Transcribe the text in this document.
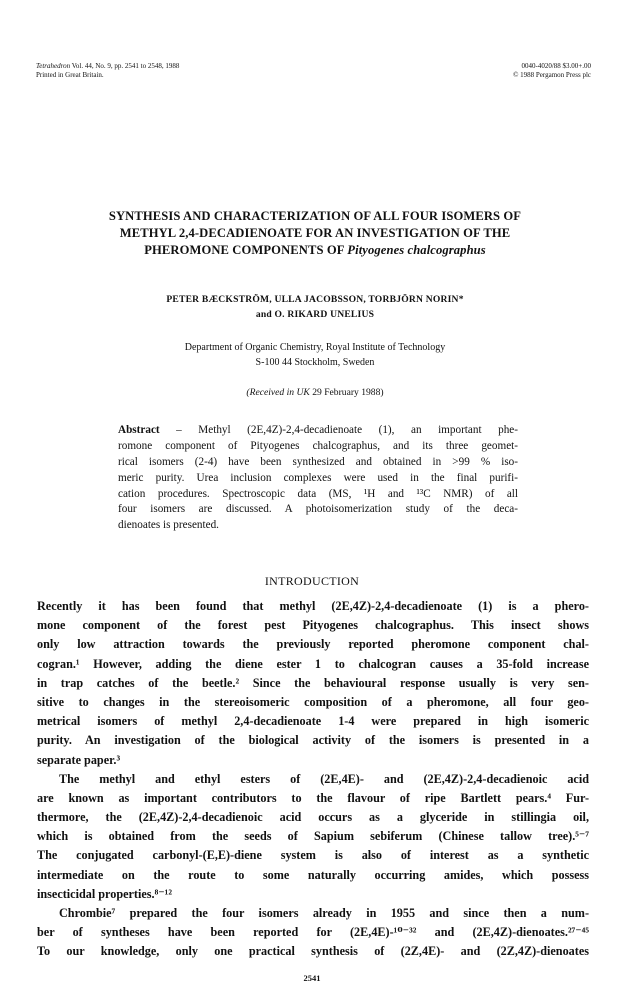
Tetrahedron Vol. 44, No. 9, pp. 2541 to 2548, 1988
Printed in Great Britain.
0040-4020/88 $3.00+.00
© 1988 Pergamon Press plc
SYNTHESIS AND CHARACTERIZATION OF ALL FOUR ISOMERS OF
METHYL 2,4-DECADIENOATE FOR AN INVESTIGATION OF THE
PHEROMONE COMPONENTS OF Pityogenes chalcographus
PETER BÆCKSTRÖM, ULLA JACOBSSON, TORBJÖRN NORIN*
and O. RIKARD UNELIUS
Department of Organic Chemistry, Royal Institute of Technology
S-100 44 Stockholm, Sweden
(Received in UK 29 February 1988)
Abstract – Methyl (2E,4Z)-2,4-decadienoate (1), an important phe-
romone component of Pityogenes chalcographus, and its three geomet-
rical isomers (2-4) have been synthesized and obtained in >99 % iso-
meric purity. Urea inclusion complexes were used in the final purifi-
cation procedures. Spectroscopic data (MS, ¹H and ¹³C NMR) of all
four isomers are discussed. A photoisomerization study of the deca-
dienoates is presented.
INTRODUCTION
Recently it has been found that methyl (2E,4Z)-2,4-decadienoate (1) is a phero-
mone component of the forest pest Pityogenes chalcographus. This insect shows
only low attraction towards the previously reported pheromone component chal-
cogran.¹ However, adding the diene ester 1 to chalcogran causes a 35-fold increase
in trap catches of the beetle.² Since the behavioural response usually is very sen-
sitive to changes in the stereoisomeric composition of a pheromone, all four geo-
metrical isomers of methyl 2,4-decadienoate 1-4 were prepared in high isomeric
purity. An investigation of the biological activity of the isomers is presented in a
separate paper.³
The methyl and ethyl esters of (2E,4E)- and (2E,4Z)-2,4-decadienoic acid
are known as important contributors to the flavour of ripe Bartlett pears.⁴ Fur-
thermore, the (2E,4Z)-2,4-decadienoic acid occurs as a glyceride in stillingia oil,
which is obtained from the seeds of Sapium sebiferum (Chinese tallow tree).⁵⁻⁷
The conjugated carbonyl-(E,E)-diene system is also of interest as a synthetic
intermediate on the route to some naturally occurring amides, which possess
insecticidal properties.⁸⁻¹²
Chrombie⁷ prepared the four isomers already in 1955 and since then a num-
ber of syntheses have been reported for (2E,4E)-¹⁰⁻³² and (2E,4Z)-dienoates.²⁷⁻⁴⁵
To our knowledge, only one practical synthesis of (2Z,4E)- and (2Z,4Z)-dienoates
2541
